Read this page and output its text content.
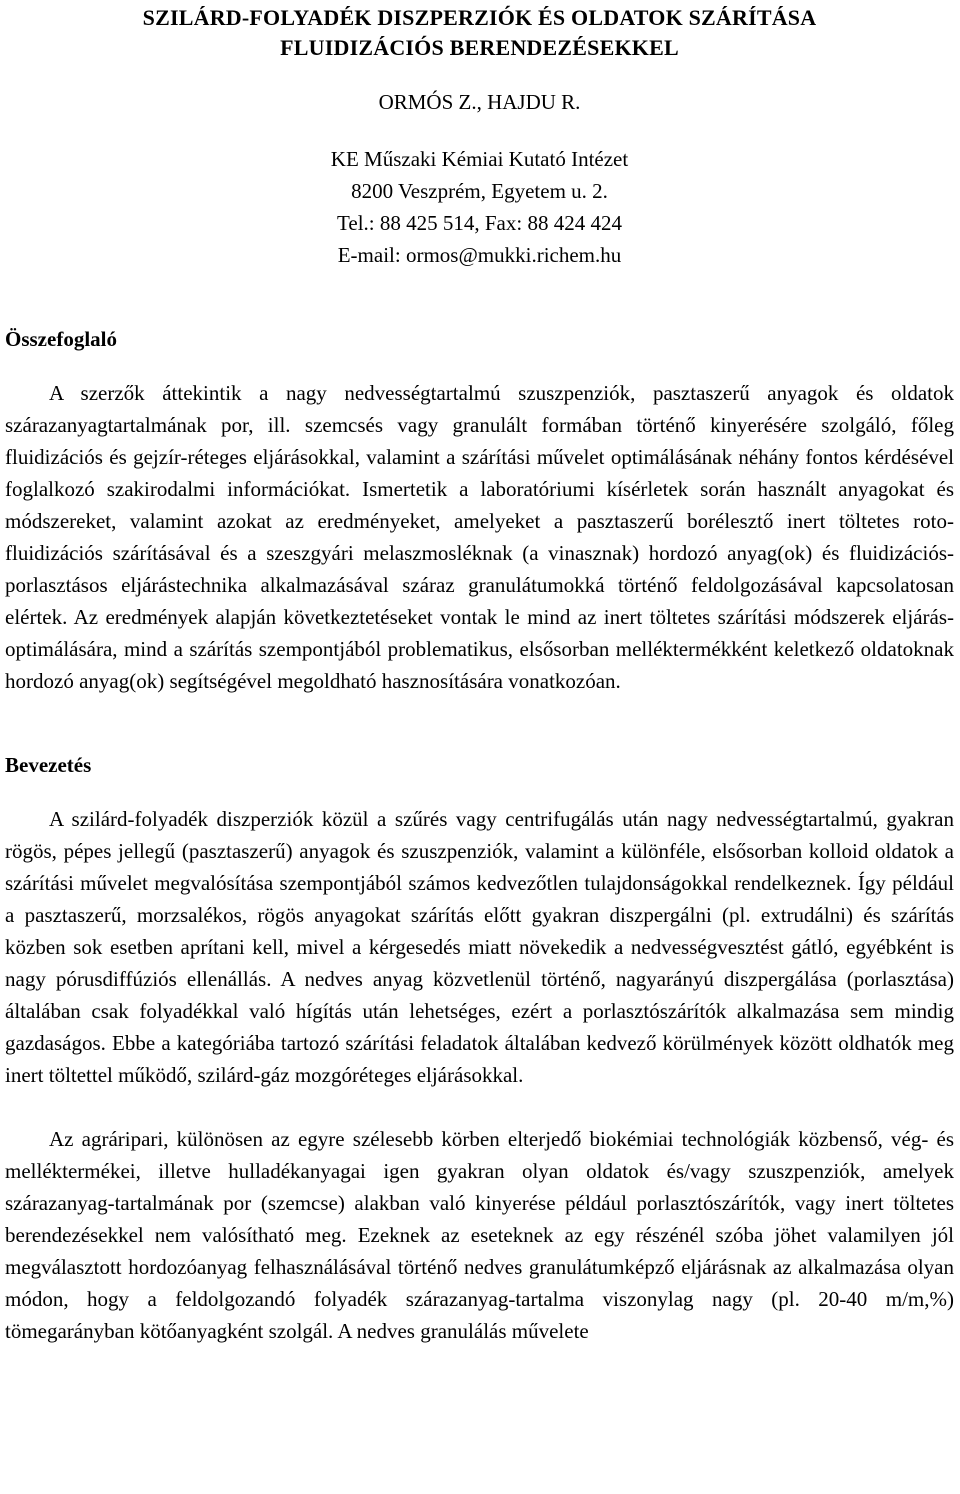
SZILÁRD-FOLYADÉK DISZPERZIÓK ÉS OLDATOK SZÁRÍTÁSA
FLUIDIZÁCIÓS BERENDEZÉSEKKEL
ORMÓS Z., HAJDU R.
KE Műszaki Kémiai Kutató Intézet
8200 Veszprém, Egyetem u. 2.
Tel.: 88 425 514, Fax: 88 424 424
E-mail: ormos@mukki.richem.hu
Összefoglaló

A szerzők áttekintik a nagy nedvességtartalmú szuszpenziók, pasztaszerű anyagok és oldatok szárazanyagtartalmának por, ill. szemcsés vagy granulált formában történő kinyerésére szolgáló, főleg fluidizációs és gejzír-réteges eljárásokkal, valamint a szárítási művelet optimálásának néhány fontos kérdésével foglalkozó szakirodalmi információkat. Ismertetik a laboratóriumi kísérletek során használt anyagokat és módszereket, valamint azokat az eredményeket, amelyeket a pasztaszerű borélesztő inert töltetes roto-fluidizációs szárításával és a szeszgyári melaszmosléknak (a vinasznak) hordozó anyag(ok) és fluidizációs-porlasztásos eljárástechnika alkalmazásával száraz granulátumokká történő feldolgozásával kapcsolatosan elértek. Az eredmények alapján következtetéseket vontak le mind az inert töltetes szárítási módszerek eljárás-optimálására, mind a szárítás szempontjából problematikus, elsősorban melléktermékként keletkező oldatoknak hordozó anyag(ok) segítségével megoldható hasznosítására vonatkozóan.

Bevezetés

A szilárd-folyadék diszperziók közül a szűrés vagy centrifugálás után nagy nedvességtartalmú, gyakran rögös, pépes jellegű (pasztaszerű) anyagok és szuszpenziók, valamint a különféle, elsősorban kolloid oldatok a szárítási művelet megvalósítása szempontjából számos kedvezőtlen tulajdonságokkal rendelkeznek. Így például a pasztaszerű, morzsalékos, rögös anyagokat szárítás előtt gyakran diszpergálni (pl. extrudálni) és szárítás közben sok esetben aprítani kell, mivel a kérgesedés miatt növekedik a nedvességvesztést gátló, egyébként is nagy pórusdiffúziós ellenállás. A nedves anyag közvetlenül történő, nagyarányú diszpergálása (porlasztása) általában csak folyadékkal való hígítás után lehetséges, ezért a porlasztószárítók alkalmazása sem mindig gazdaságos. Ebbe a kategóriába tartozó szárítási feladatok általában kedvező körülmények között oldhatók meg inert töltettel működő, szilárd-gáz mozgóréteges eljárásokkal.

Az agráripari, különösen az egyre szélesebb körben elterjedő biokémiai technológiák közbenső, vég- és melléktermékei, illetve hulladékanyagai igen gyakran olyan oldatok és/vagy szuszpenziók, amelyek szárazanyag-tartalmának por (szemcse) alakban való kinyerése például porlasztószárítók, vagy inert töltetes berendezésekkel nem valósítható meg. Ezeknek az eseteknek az egy részénél szóba jöhet valamilyen jól megválasztott hordozóanyag felhasználásával történő nedves granulátumképző eljárásnak az alkalmazása olyan módon, hogy a feldolgozandó folyadék szárazanyag-tartalma viszonylag nagy (pl. 20-40 m/m,%) tömegarányban kötőanyagként szolgál. A nedves granulálás művelete
